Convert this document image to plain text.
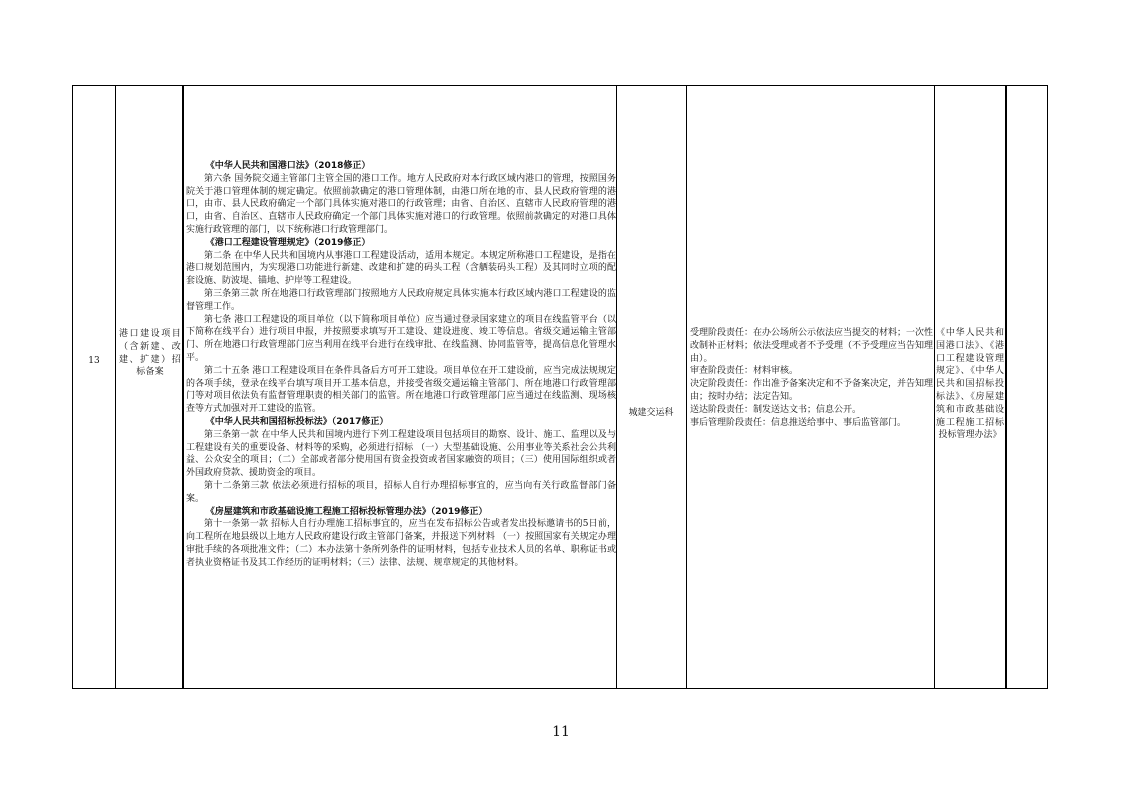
13
港口建设项目（含新建、改建、扩建）招标备案

《中华人民共和国港口法》（2018修正）

第六条 国务院交通主管部门主管全国的港口工作。地方人民政府对本行政区域内港口的管理，按照国务院关于港口管理体制的规定确定。依照前款确定的港口管理体制，由港口所在地的市、县人民政府管理的港口，由市、县人民政府确定一个部门具体实施对港口的行政管理；由省、自治区、直辖市人民政府管理的港口，由省、自治区、直辖市人民政府确定一个部门具体实施对港口的行政管理。依照前款确定的对港口具体实施行政管理的部门，以下统称港口行政管理部门。

《港口工程建设管理规定》（2019修正）

第二条 在中华人民共和国境内从事港口工程建设活动，适用本规定。本规定所称港口工程建设，是指在港口规划范围内，为实现港口功能进行新建、改建和扩建的码头工程（含舾装码头工程）及其同时立项的配套设施、防波堤、锚地、护岸等工程建设。

第三条第三款 所在地港口行政管理部门按照地方人民政府规定具体实施本行政区域内港口工程建设的监督管理工作。

第七条 港口工程建设的项目单位（以下简称项目单位）应当通过登录国家建立的项目在线监管平台（以下简称在线平台）进行项目申报，并按照要求填写开工建设、建设进度、竣工等信息。省级交通运输主管部门、所在地港口行政管理部门应当利用在线平台进行在线审批、在线监测、协同监管等，提高信息化管理水平。

第二十五条 港口工程建设项目在条件具备后方可开工建设。项目单位在开工建设前，应当完成法规规定的各项手续，登录在线平台填写项目开工基本信息，并接受省级交通运输主管部门、所在地港口行政管理部门等对项目依法负有监督管理职责的相关部门的监管。所在地港口行政管理部门应当通过在线监测、现场核查等方式加强对开工建设的监管。

《中华人民共和国招标投标法》（2017修正）

第三条第一款 在中华人民共和国境内进行下列工程建设项目包括项目的勘察、设计、施工、监理以及与工程建设有关的重要设备、材料等的采购，必须进行招标 （一）大型基础设施、公用事业等关系社会公共利益、公众安全的项目；（二）全部或者部分使用国有资金投资或者国家融资的项目；（三）使用国际组织或者外国政府贷款、援助资金的项目。

第十二条第三款 依法必须进行招标的项目，招标人自行办理招标事宜的，应当向有关行政监督部门备案。

《房屋建筑和市政基础设施工程施工招标投标管理办法》（2019修正）

第十一条第一款 招标人自行办理施工招标事宜的，应当在发布招标公告或者发出投标邀请书的5日前，向工程所在地县级以上地方人民政府建设行政主管部门备案，并报送下列材料 （一）按照国家有关规定办理审批手续的各项批准文件；（二）本办法第十条所列条件的证明材料，包括专业技术人员的名单、职称证书或者执业资格证书及其工作经历的证明材料；（三）法律、法规、规章规定的其他材料。

城建交运科

受理阶段责任：在办公场所公示依法应当提交的材料；一次性改制补正材料；依法受理或者不予受理（不予受理应当告知理由）。

审查阶段责任：材料审核。

决定阶段责任：作出准予备案决定和不予备案决定，并告知理由；按时办结；法定告知。

送达阶段责任：制发送达文书；信息公开。

事后管理阶段责任：信息推送给事中、事后监管部门。

《中华人民共和国港口法》、《港口工程建设管理规定》、《中华人民共和国招标投标法》、《房屋建筑和市政基础设施工程施工招标投标管理办法》
11
